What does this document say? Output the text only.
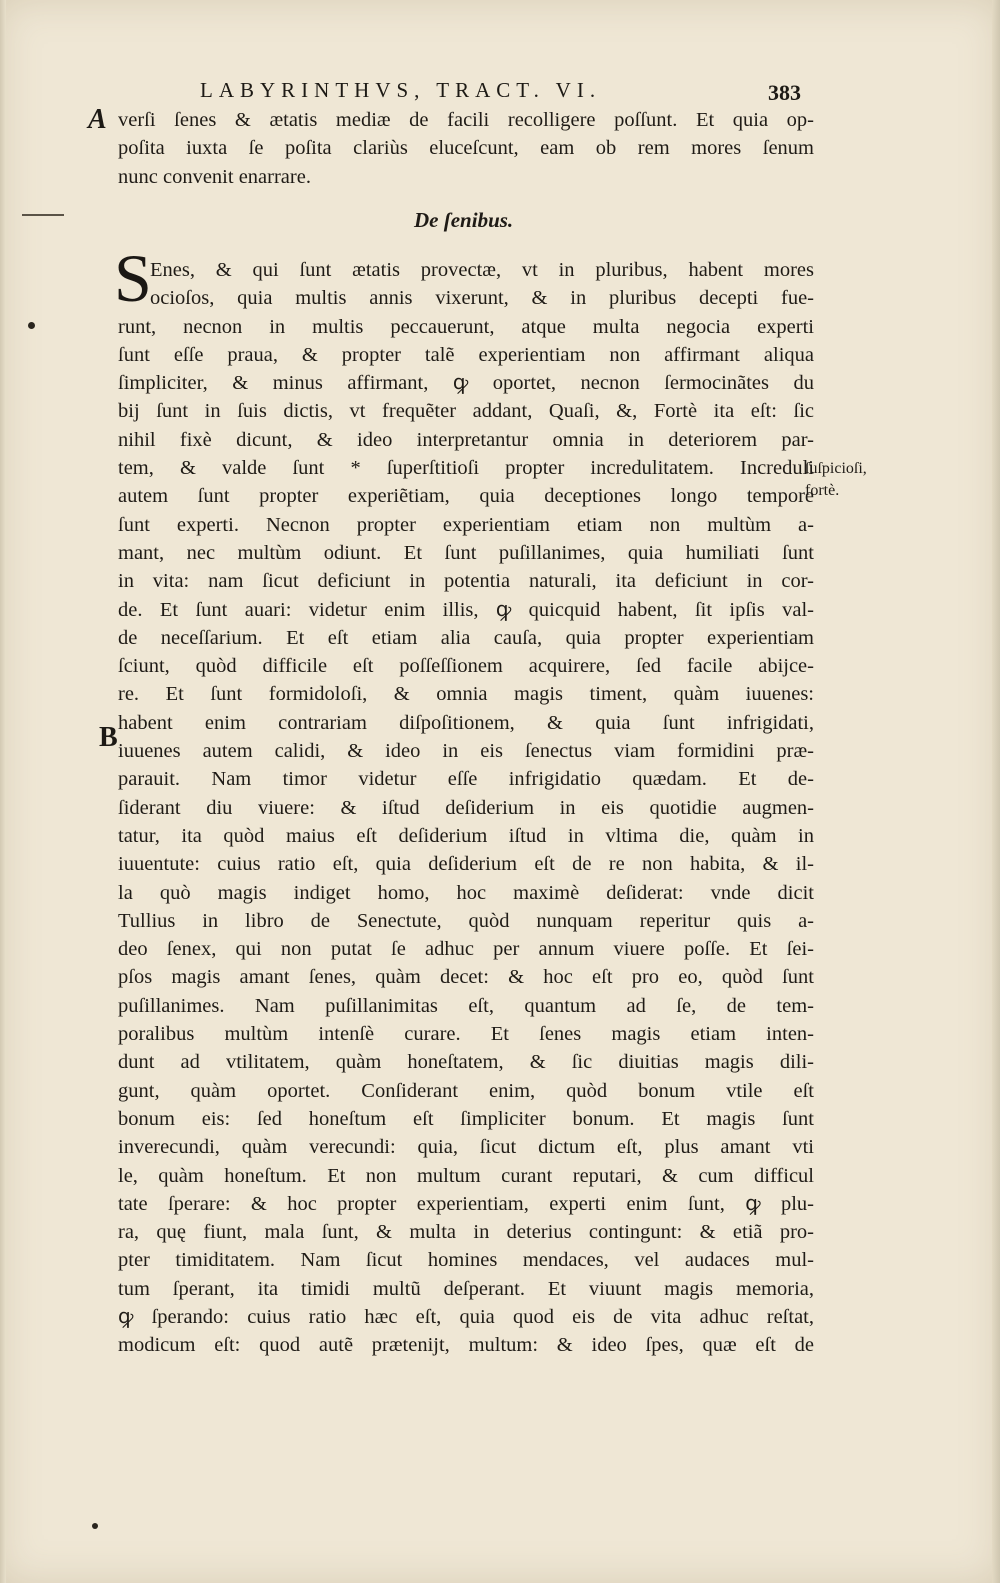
LABYRINTHVS, TRACT. VI.	383
A
B
verſi ſenes & ætatis mediæ de facili recolligere poſſunt. Et quia op-
poſita iuxta ſe poſita clariùs eluceſcunt, eam ob rem mores ſenum
nunc convenit enarrare.
De ſenibus.
S
Enes, & qui ſunt ætatis provectæ, vt in pluribus, habent mores
ocioſos, quia multis annis vixerunt, & in pluribus decepti fue-
runt, necnon in multis peccauerunt, atque multa negocia experti
ſunt eſſe praua, & propter talẽ experientiam non affirmant aliqua
ſimpliciter, & minus affirmant, ꝙ oportet, necnon ſermocinãtes du
bij ſunt in ſuis dictis, vt frequẽter addant, Quaſi, &, Fortè ita eſt: ſic
nihil fixè dicunt, & ideo interpretantur omnia in deteriorem par-
tem, & valde ſunt * ſuperſtitioſi propter incredulitatem. Increduli
autem ſunt propter experiẽtiam, quia deceptiones longo tempore
ſunt experti. Necnon propter experientiam etiam non multùm a-
mant, nec multùm odiunt. Et ſunt puſillanimes, quia humiliati ſunt
in vita: nam ſicut deficiunt in potentia naturali, ita deficiunt in cor-
de. Et ſunt auari: videtur enim illis, ꝙ quicquid habent, ſit ipſis val-
de neceſſarium. Et eſt etiam alia cauſa, quia propter experientiam
ſciunt, quòd difficile eſt poſſeſſionem acquirere, ſed facile abijce-
re. Et ſunt formidoloſi, & omnia magis timent, quàm iuuenes:
habent enim contrariam diſpoſitionem, & quia ſunt infrigidati,
iuuenes autem calidi, & ideo in eis ſenectus viam formidini præ-
parauit. Nam timor videtur eſſe infrigidatio quædam. Et de-
ſiderant diu viuere: & iſtud deſiderium in eis quotidie augmen-
tatur, ita quòd maius eſt deſiderium iſtud in vltima die, quàm in
iuuentute: cuius ratio eſt, quia deſiderium eſt de re non habita, & il-
la quò magis indiget homo, hoc maximè deſiderat: vnde dicit
Tullius in libro de Senectute, quòd nunquam reperitur quis a-
deo ſenex, qui non putat ſe adhuc per annum viuere poſſe. Et ſei-
pſos magis amant ſenes, quàm decet: & hoc eſt pro eo, quòd ſunt
puſillanimes. Nam puſillanimitas eſt, quantum ad ſe, de tem-
poralibus multùm intenſè curare. Et ſenes magis etiam inten-
dunt ad vtilitatem, quàm honeſtatem, & ſic diuitias magis dili-
gunt, quàm oportet. Conſiderant enim, quòd bonum vtile eſt
bonum eis: ſed honeſtum eſt ſimpliciter bonum. Et magis ſunt
inverecundi, quàm verecundi: quia, ſicut dictum eſt, plus amant vti
le, quàm honeſtum. Et non multum curant reputari, & cum difficul
tate ſperare: & hoc propter experientiam, experti enim ſunt, ꝙ plu-
ra, quę fiunt, mala ſunt, & multa in deterius contingunt: & etiã pro-
pter timiditatem. Nam ſicut homines mendaces, vel audaces mul-
tum ſperant, ita timidi multũ deſperant. Et viuunt magis memoria,
ꝙ ſperando: cuius ratio hæc eſt, quia quod eis de vita adhuc reſtat,
modicum eſt: quod autẽ prætenijt, multum: & ideo ſpes, quæ eſt de
ſuſpicioſi,
fortè.
